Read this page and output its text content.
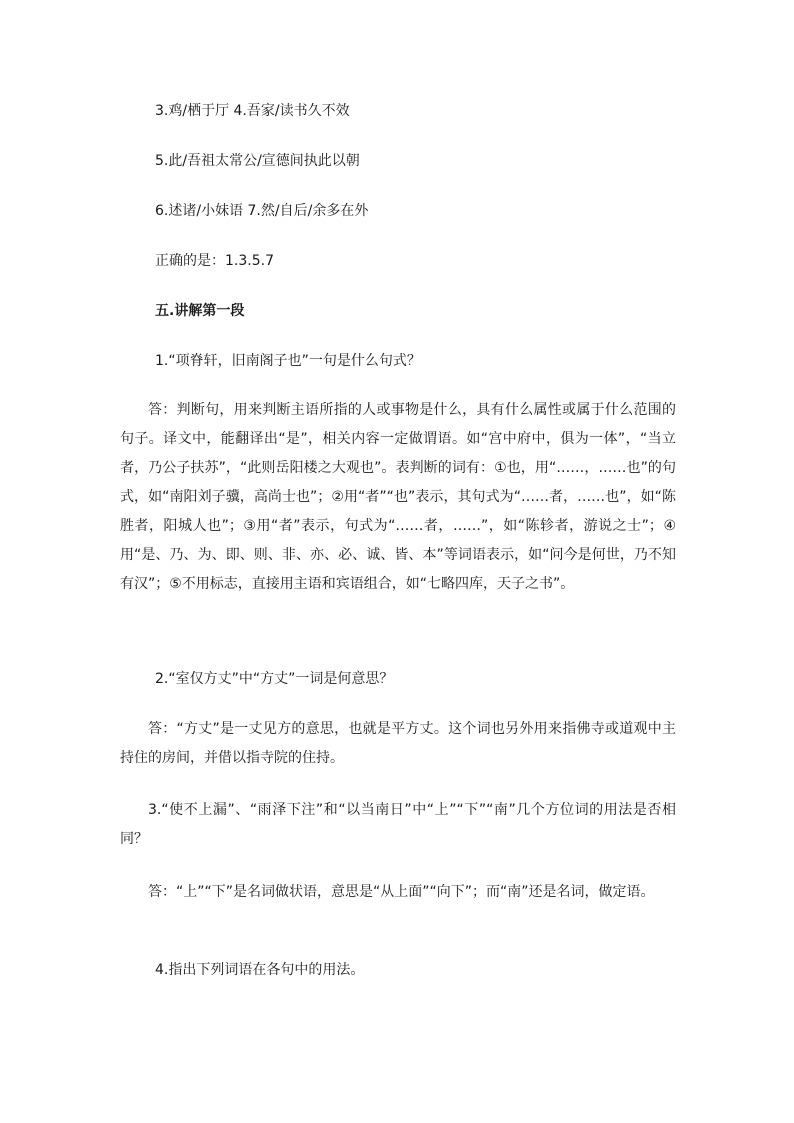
3.鸡/栖于厅 4.吾家/读书久不效
5.此/吾祖太常公/宣德间执此以朝
6.述诸/小妹语 7.然/自后/余多在外
正确的是：1.3.5.7
五.讲解第一段
1.“项脊轩，旧南阁子也”一句是什么句式？

答：判断句，用来判断主语所指的人或事物是什么，具有什么属性或属于什么范围的句子。译文中，能翻译出“是”，相关内容一定做谓语。如“宫中府中，俱为一体”，“当立者，乃公子扶苏”，“此则岳阳楼之大观也”。表判断的词有：①也，用“……，……也”的句式，如“南阳刘子骥，高尚士也”；②用“者”“也”表示，其句式为“……者，……也”，如“陈胜者，阳城人也”；③用“者”表示，句式为“……者，……”，如“陈轸者，游说之士”；④用“是、乃、为、即、则、非、亦、必、诚、皆、本”等词语表示，如“问今是何世，乃不知有汉”；⑤不用标志，直接用主语和宾语组合，如“七略四库，天子之书”。

2.“室仅方丈”中“方丈”一词是何意思？

答：“方丈”是一丈见方的意思，也就是平方丈。这个词也另外用来指佛寺或道观中主持住的房间，并借以指寺院的住持。

3.“使不上漏”、“雨泽下注”和“以当南日”中“上”“下”“南”几个方位词的用法是否相同？

答：“上”“下”是名词做状语，意思是“从上面”“向下”；而“南”还是名词，做定语。

4.指出下列词语在各句中的用法。
